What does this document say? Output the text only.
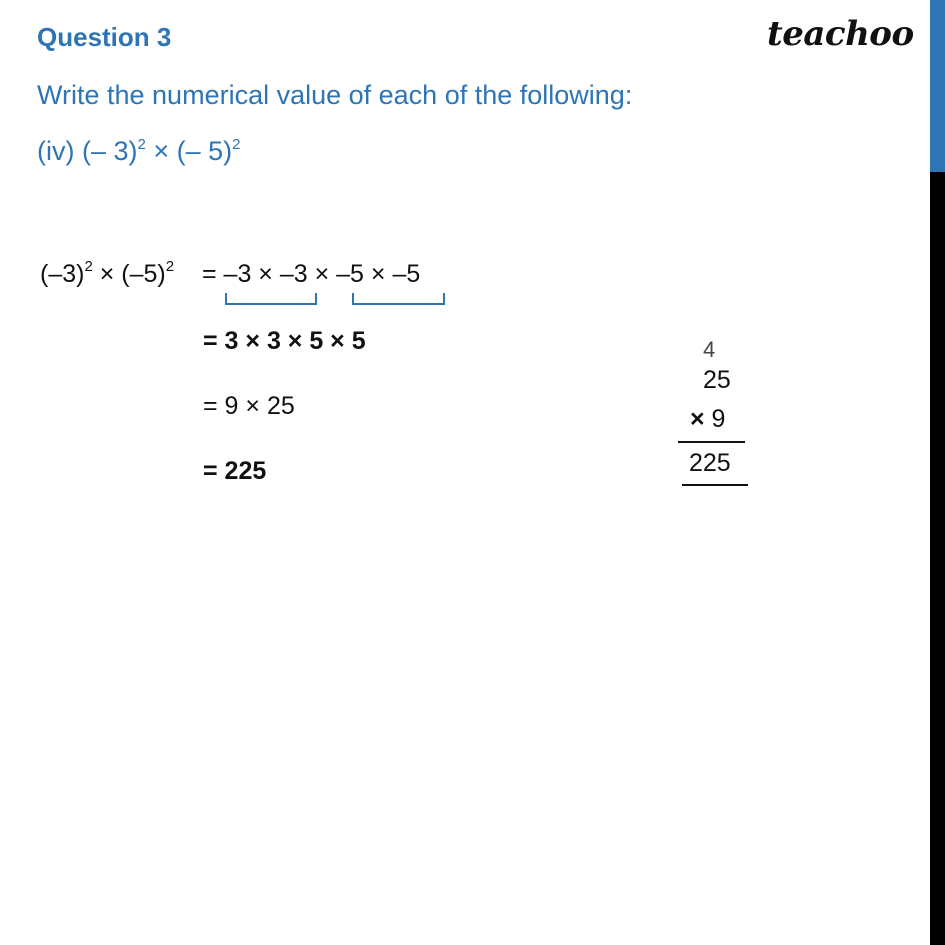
Question 3	teachoo
Write the numerical value of each of the following:
(iv) (– 3)$^2$ × (– 5)$^2$
$(-3)^2 \times (-5)^2 = -3 \times -3 \times -5 \times -5$
= 3 × 3 × 5 × 5
= 9 × 25
= 225
4
25
× 9
225
